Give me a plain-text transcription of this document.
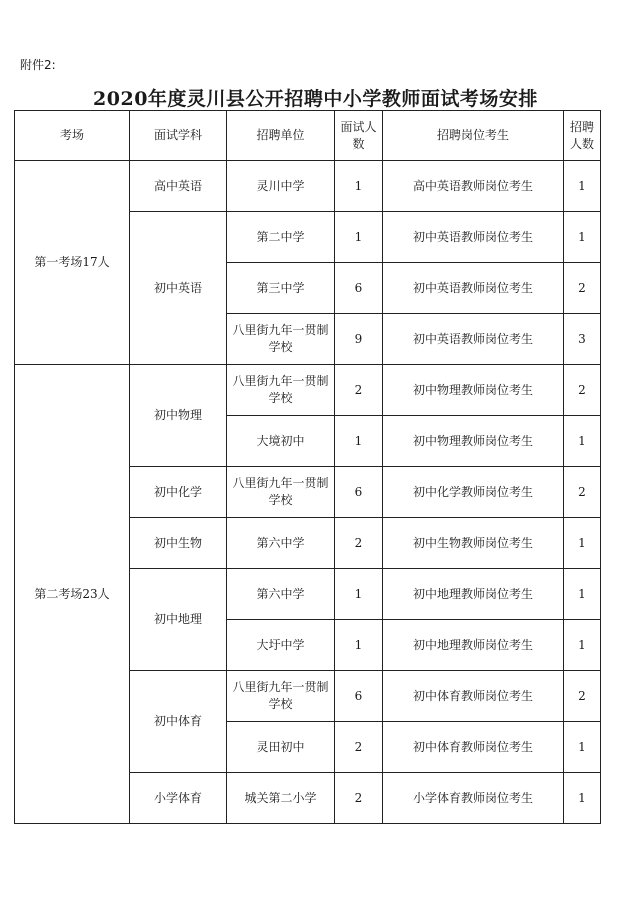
附件2:
2020年度灵川县公开招聘中小学教师面试考场安排
考场	面试学科	招聘单位	面试人数	招聘岗位考生	招聘人数
第一考场17人	高中英语	灵川中学	1	高中英语教师岗位考生	1
	初中英语	第二中学	1	初中英语教师岗位考生	1
		第三中学	6	初中英语教师岗位考生	2
		八里街九年一贯制学校	9	初中英语教师岗位考生	3
第二考场23人	初中物理	八里街九年一贯制学校	2	初中物理教师岗位考生	2
		大境初中	1	初中物理教师岗位考生	1
	初中化学	八里街九年一贯制学校	6	初中化学教师岗位考生	2
	初中生物	第六中学	2	初中生物教师岗位考生	1
	初中地理	第六中学	1	初中地理教师岗位考生	1
		大圩中学	1	初中地理教师岗位考生	1
	初中体育	八里街九年一贯制学校	6	初中体育教师岗位考生	2
		灵田初中	2	初中体育教师岗位考生	1
	小学体育	城关第二小学	2	小学体育教师岗位考生	1
